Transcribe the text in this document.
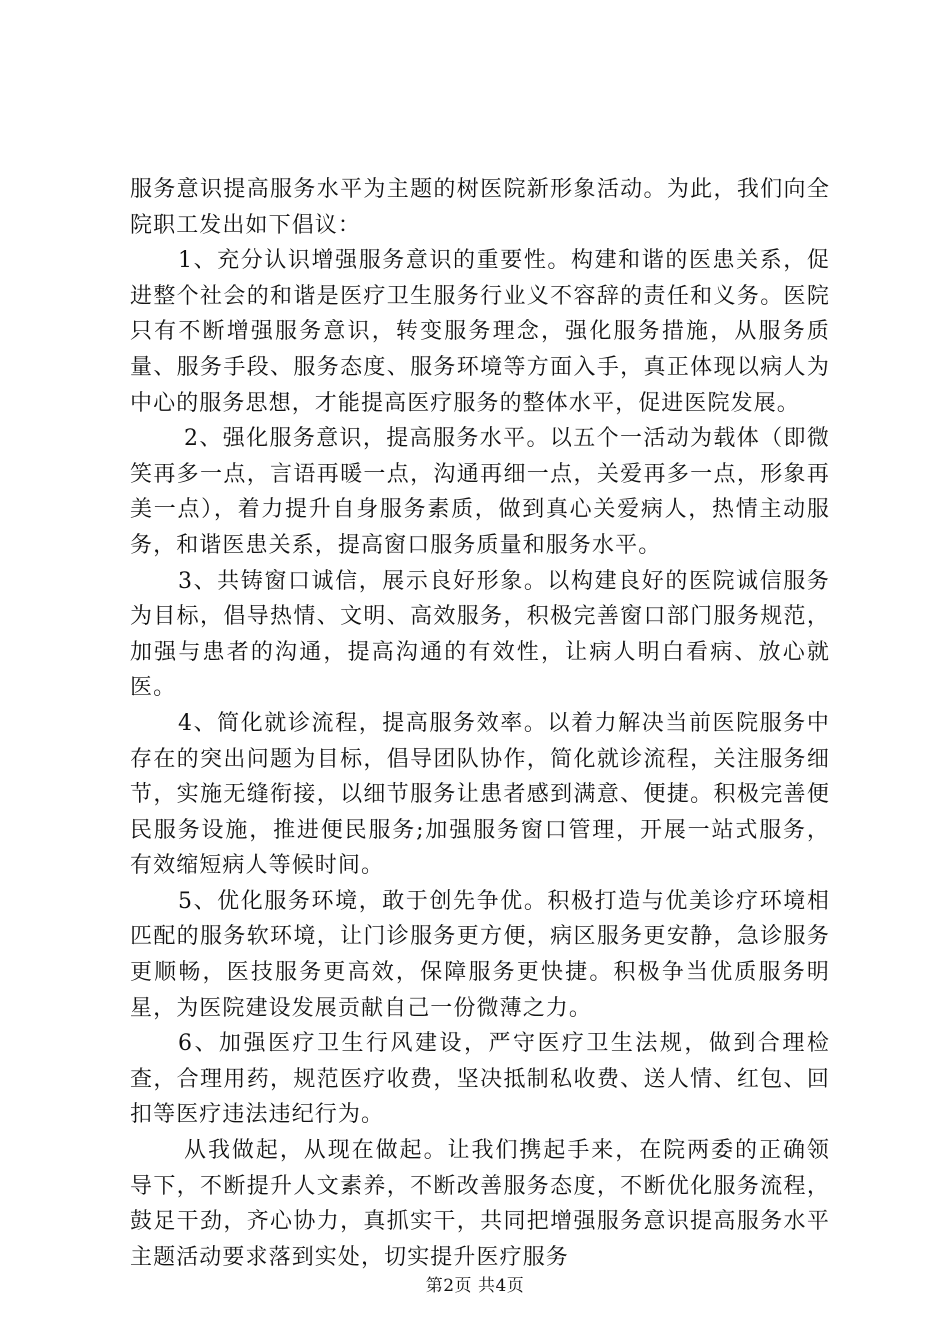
服务意识提高服务水平为主题的树医院新形象活动。为此，我们向全院职工发出如下倡议：

1、充分认识增强服务意识的重要性。构建和谐的医患关系，促进整个社会的和谐是医疗卫生服务行业义不容辞的责任和义务。医院只有不断增强服务意识，转变服务理念，强化服务措施，从服务质量、服务手段、服务态度、服务环境等方面入手，真正体现以病人为中心的服务思想，才能提高医疗服务的整体水平，促进医院发展。

2、强化服务意识，提高服务水平。以五个一活动为载体（即微笑再多一点，言语再暖一点，沟通再细一点，关爱再多一点，形象再美一点），着力提升自身服务素质，做到真心关爱病人，热情主动服务，和谐医患关系，提高窗口服务质量和服务水平。

3、共铸窗口诚信，展示良好形象。以构建良好的医院诚信服务为目标，倡导热情、文明、高效服务，积极完善窗口部门服务规范，加强与患者的沟通，提高沟通的有效性，让病人明白看病、放心就医。

4、简化就诊流程，提高服务效率。以着力解决当前医院服务中存在的突出问题为目标，倡导团队协作，简化就诊流程，关注服务细节，实施无缝衔接，以细节服务让患者感到满意、便捷。积极完善便民服务设施，推进便民服务;加强服务窗口管理，开展一站式服务，有效缩短病人等候时间。

5、优化服务环境，敢于创先争优。积极打造与优美诊疗环境相匹配的服务软环境，让门诊服务更方便，病区服务更安静，急诊服务更顺畅，医技服务更高效，保障服务更快捷。积极争当优质服务明星，为医院建设发展贡献自己一份微薄之力。

6、加强医疗卫生行风建设，严守医疗卫生法规，做到合理检查，合理用药，规范医疗收费，坚决抵制私收费、送人情、红包、回扣等医疗违法违纪行为。

从我做起，从现在做起。让我们携起手来，在院两委的正确领导下，不断提升人文素养，不断改善服务态度，不断优化服务流程，鼓足干劲，齐心协力，真抓实干，共同把增强服务意识提高服务水平主题活动要求落到实处，切实提升医疗服务

第2页 共4页
